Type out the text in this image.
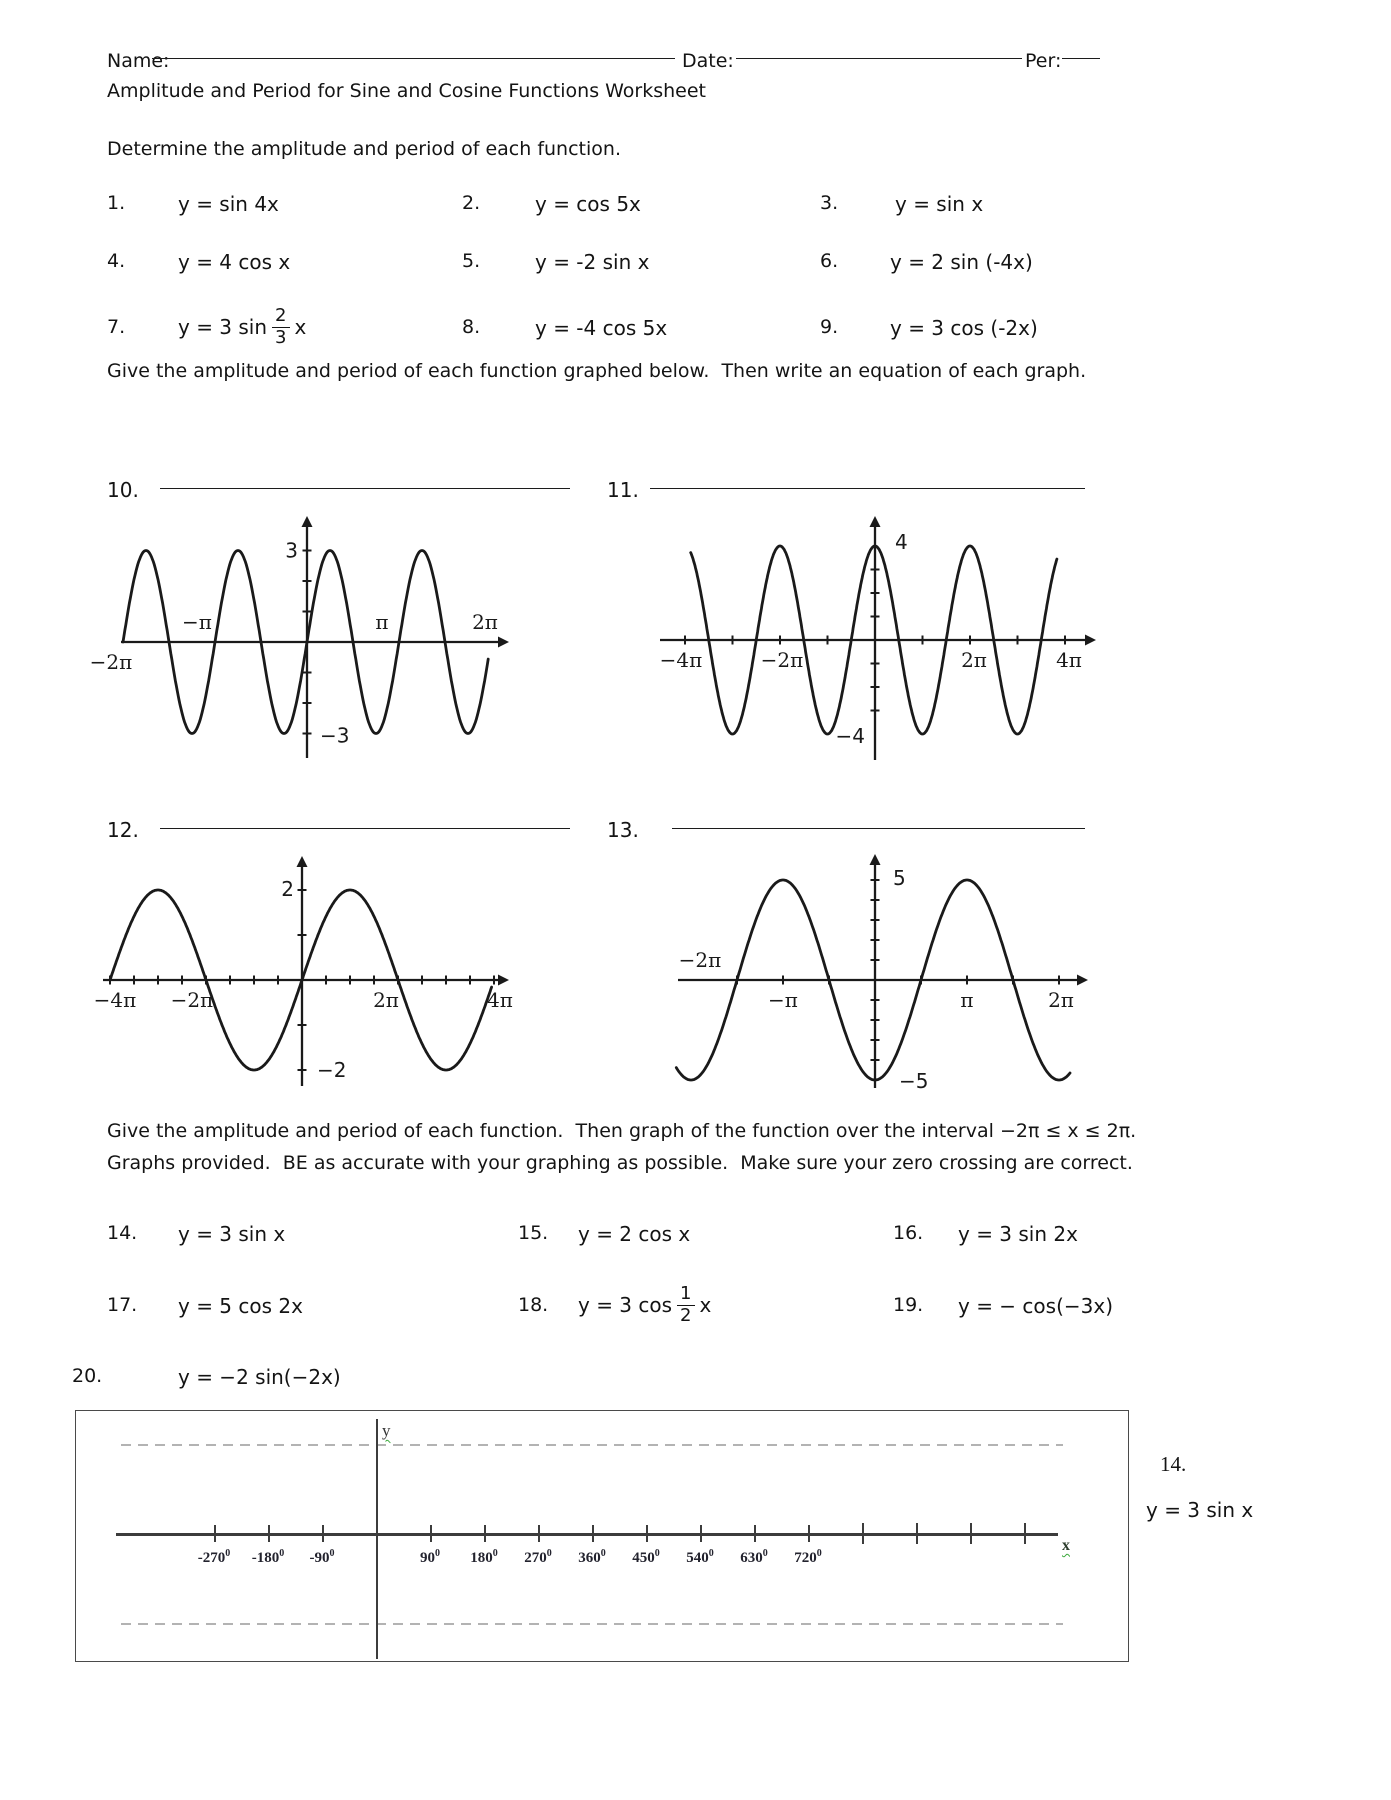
Name:	Date:	Per:
Amplitude and Period for Sine and Cosine Functions Worksheet
Determine the amplitude and period of each function.
1.	y = sin 4x	2.	y = cos 5x	3.	y = sin x
4.	y = 4 cos x	5.	y = -2 sin x	6.	y = 2 sin (-4x)
7.	y = 3 $\sin \frac{2}{3}$ x	8.	y = -4 cos 5x	9.	y = 3 cos (-2x)
Give the amplitude and period of each function graphed below.  Then write an equation of each graph.
10.	11.
12.	13.
Give the amplitude and period of each function.  Then graph of the function over the interval −2π ≤ x ≤ 2π.
Graphs provided.  BE as accurate with your graphing as possible.  Make sure your zero crossing are correct.
14. y = 3 sin x	15. y = 2 cos x	16. y = 3 sin 2x
17. y = 5 cos 2x	18. y = 3 $\cos \frac{1}{2}$ x	19. y = − cos(−3x)
20.	y = −2 sin(−2x)
y
x
$-270^0$ $-180^0$ $-90^0$	$90^0$ $180^0$ $270^0$ $360^0$ $450^0$ $540^0$ $630^0$ $720^0$
14.
y = 3 sin x
−2π
−π	π	2π
3
−3
−4π	−2π	2π	4π
4
−4
−4π −2π	2π	4π
2
−2
−2π
−π	π	2π
5
−5
